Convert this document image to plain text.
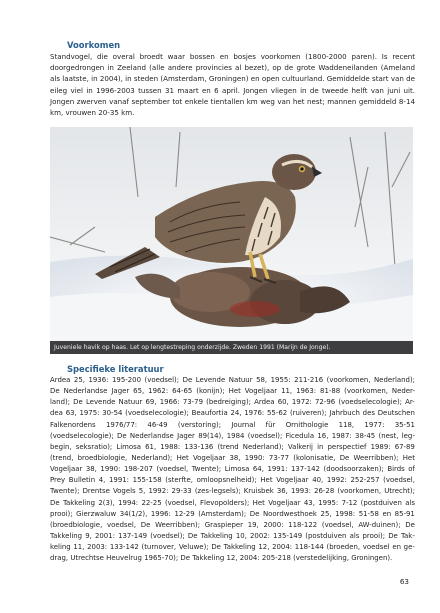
Voorkomen

Standvogel, die overal broedt waar bossen en bosjes voorkomen (1800-2000 paren). Is recent doorgedrongen in Zeeland (alle andere provincies al bezet), op de grote Waddeneilanden (Ameland als laatste, in 2004), in steden (Amsterdam, Groningen) en open cultuurland. Gemiddelde start van de eileg viel in 1996-2003 tussen 31 maart en 6 april. Jongen vliegen in de tweede helft van juni uit. Jongen zwerven vanaf september tot enkele tientallen km weg van het nest; mannen gemiddeld 8-14 km, vrouwen 20-35 km.

Juveniele havik op haas. Let op lengtestreping onderzijde. Zweden 1991 (Marijn de Jonge).
Specifieke literatuur
Ardea 25, 1936: 195-200 (voedsel); De Levende Natuur 58, 1955: 211-216 (voorkomen, Nederland);
De Nederlandse Jager 65, 1962: 64-65 (konijn); Het Vogeljaar 11, 1963: 81-88 (voorkomen, Neder-
land); De Levende Natuur 69, 1966: 73-79 (bedreiging); Ardea 60, 1972: 72-96 (voedselecologie); Ar-
dea 63, 1975: 30-54 (voedselecologie); Beaufortia 24, 1976: 55-62 (ruiveren); Jahrbuch des Deutschen
Falkenordens 1976/77: 46-49 (verstoring); Journal für Ornithologie 118, 1977: 35-51
(voedselecologie); De Nederlandse Jager 89(14), 1984 (voedsel); Ficedula 16, 1987: 38-45 (nest, leg-
begin, seksratio); Limosa 61, 1988: 133-136 (trend Nederland); Valkerij in perspectief 1989: 67-89
(trend, broedbiologie, Nederland); Het Vogeljaar 38, 1990: 73-77 (kolonisatie, De Weerribben); Het
Vogeljaar 38, 1990: 198-207 (voedsel, Twente); Limosa 64, 1991: 137-142 (doodsoorzaken); Birds of
Prey Bulletin 4, 1991: 155-158 (sterfte, omloopsnelheid); Het Vogeljaar 40, 1992: 252-257 (voedsel,
Twente); Drentse Vogels 5, 1992: 29-33 (zes-legsels); Kruisbek 36, 1993: 26-28 (voorkomen, Utrecht);
De Takkeling 2(3), 1994: 22-25 (voedsel, Flevopolders); Het Vogeljaar 43, 1995: 7-12 (postduiven als
prooi); Gierzwaluw 34(1/2), 1996: 12-29 (Amsterdam); De Noordwesthoek 25, 1998: 51-58 en 85-91
(broedbiologie, voedsel, De Weerribben); Graspieper 19, 2000: 118-122 (voedsel, AW-duinen); De
Takkeling 9, 2001: 137-149 (voedsel); De Takkeling 10, 2002: 135-149 (postduiven als prooi); De Tak-
keling 11, 2003: 133-142 (turnover, Veluwe); De Takkeling 12, 2004: 118-144 (broeden, voedsel en ge-
drag, Utrechtse Heuvelrug 1965-70); De Takkeling 12, 2004: 205-218 (verstedelijking, Groningen).
63
